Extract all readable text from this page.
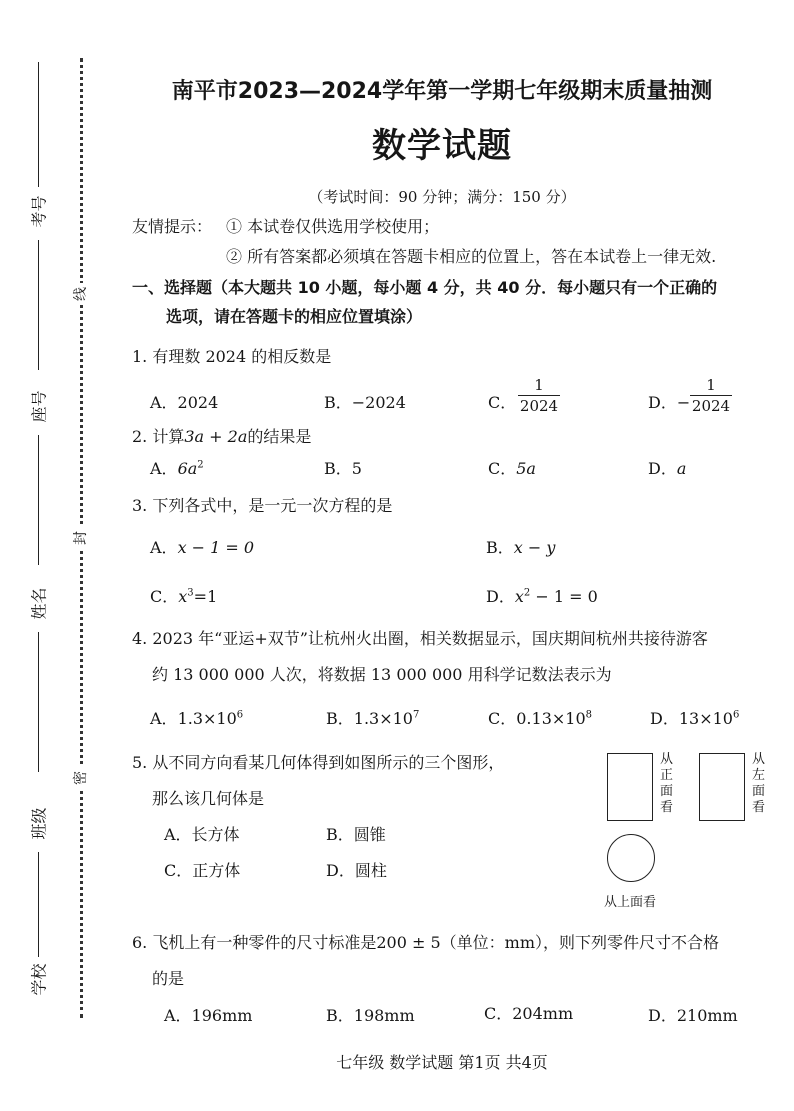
考号
座号
姓名
班级
学校
线
封
密
南平市2023—2024学年第一学期七年级期末质量抽测
数学试题
（考试时间：90 分钟；满分：150 分）
友情提示： ① 本试卷仅供选用学校使用；
② 所有答案都必须填在答题卡相应的位置上，答在本试卷上一律无效.
一、选择题（本大题共 10 小题，每小题 4 分，共 40 分．每小题只有一个正确的
选项，请在答题卡的相应位置填涂）
1. 有理数 2024 的相反数是
A．2024	B．−2024	C．
1
2024	D．−
1
2024
2. 计算3a + 2a的结果是
A．$6a^2$	B．5	C．5a	D．a
3. 下列各式中，是一元一次方程的是
A．x − 1 = 0	B．x − y
C．$x^3=1$	D．$x^2 - 1 = 0$
4. 2023 年“亚运+双节”让杭州火出圈，相关数据显示，国庆期间杭州共接待游客
约 13 000 000 人次，将数据 13 000 000 用科学记数法表示为
A．$1.3\times 10^6$	B．$1.3\times 10^7$	C．$0.13\times 10^8$	D．$13\times 10^6$
5. 从不同方向看某几何体得到如图所示的三个图形，
那么该几何体是
A．长方体	B．圆锥
C．正方体	D．圆柱
从正面看
从左面看
从上面看
6. 飞机上有一种零件的尺寸标准是200 ± 5（单位：mm），则下列零件尺寸不合格
的是
A．196mm	B．198mm	C．204mm	D．210mm
七年级 数学试题 第1页 共4页
